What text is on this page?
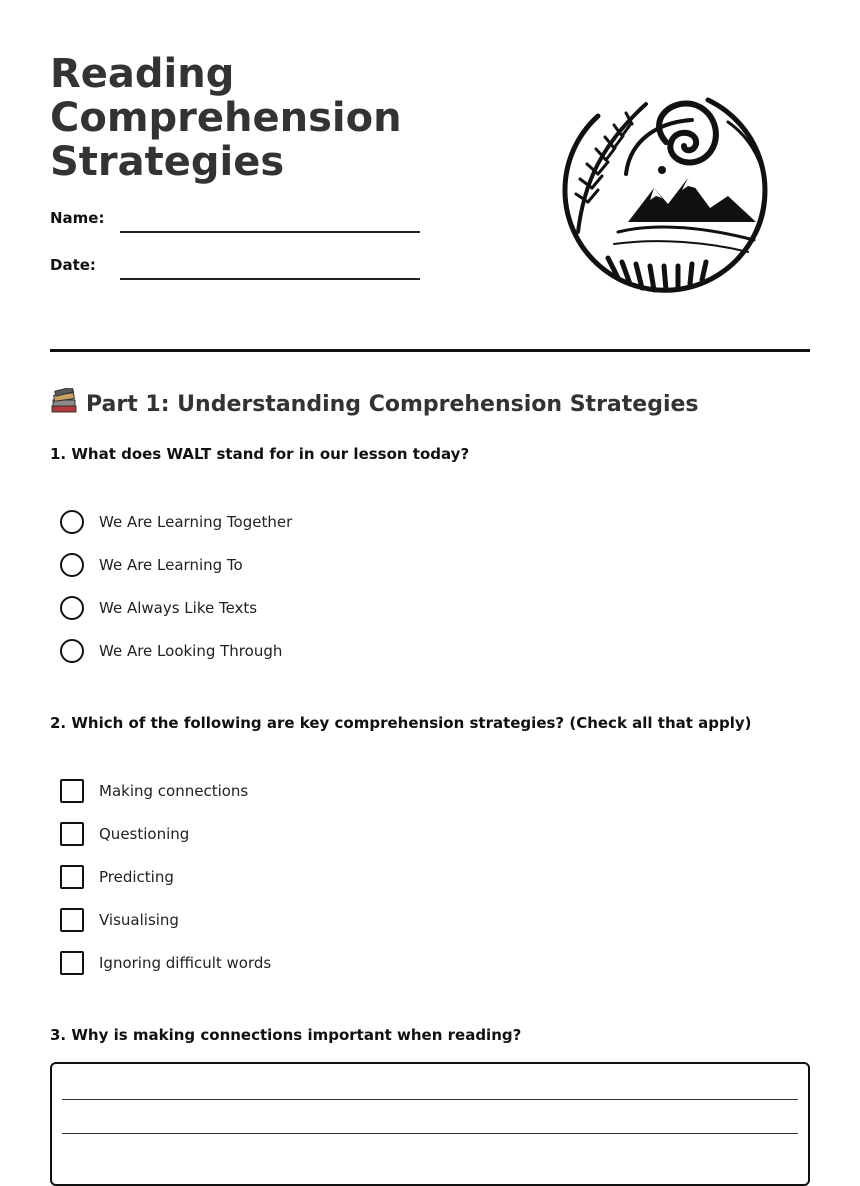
Reading Comprehension Strategies
Name:
Date:
Part 1: Understanding Comprehension Strategies
1. What does WALT stand for in our lesson today?
We Are Learning Together
We Are Learning To
We Always Like Texts
We Are Looking Through
2. Which of the following are key comprehension strategies? (Check all that apply)
Making connections
Questioning
Predicting
Visualising
Ignoring difficult words
3. Why is making connections important when reading?
